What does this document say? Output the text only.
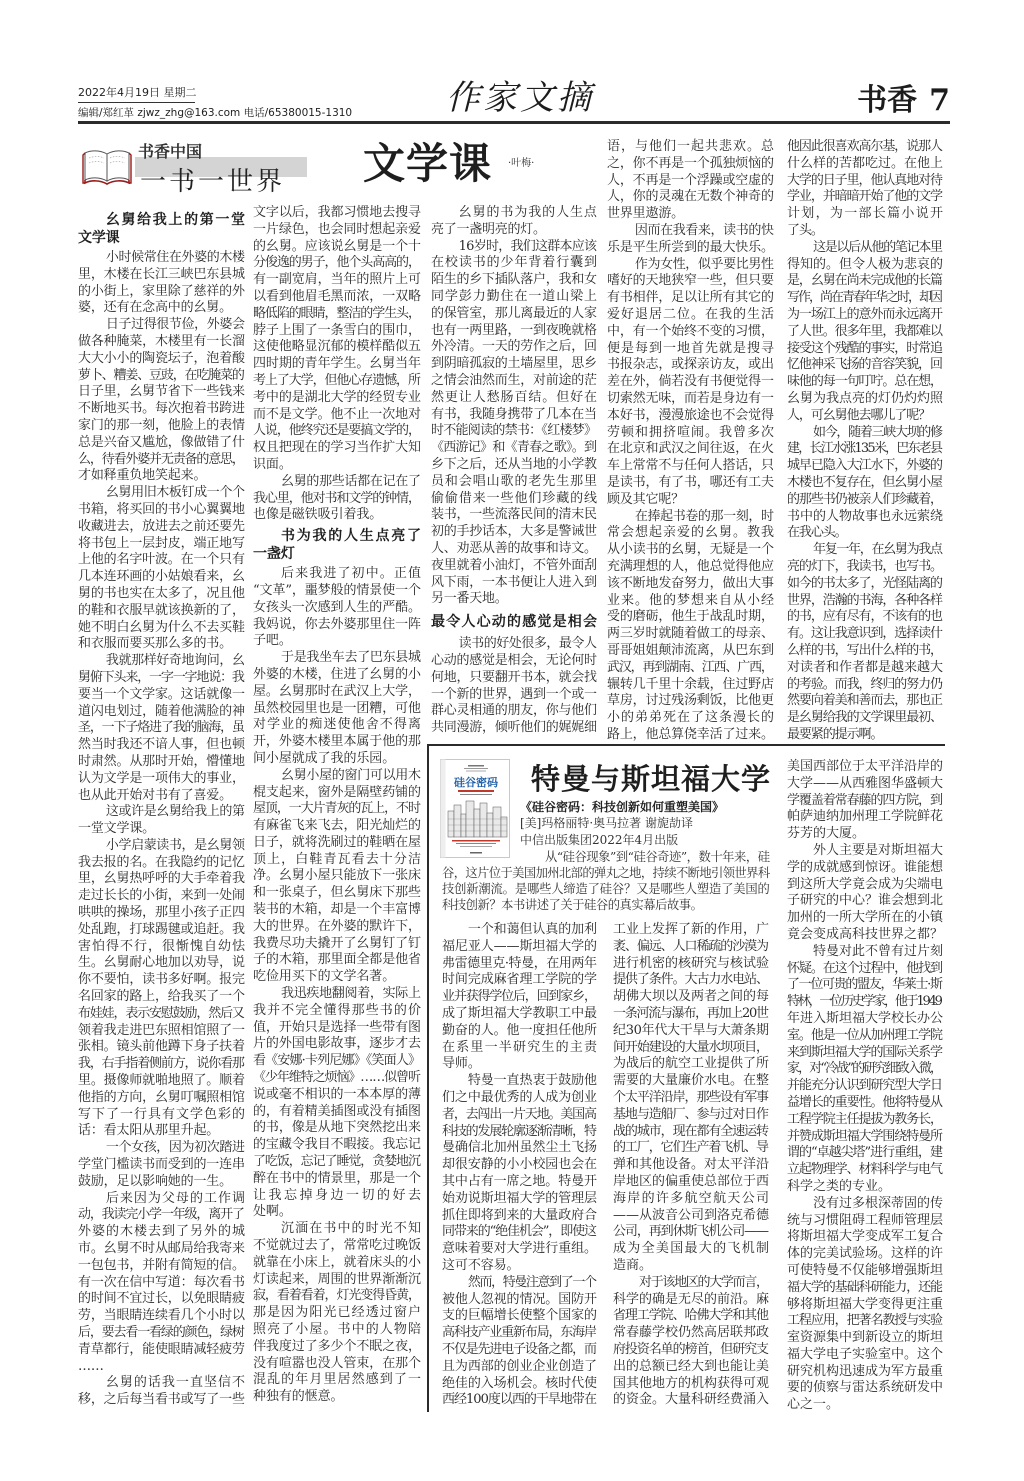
2022年4月19日 星期二
编辑/郑红革 zjwz_zhg@163.com 电话/65380015-1310	作家文摘	书香 7
书香中国
一书一世界 文学课 ·叶梅·
幺舅给我上的第一堂
文学课
小时候常住在外婆的木楼
里，木楼在长江三峡巴东县城
的小街上，家里除了慈祥的外
婆，还有在念高中的幺舅。
日子过得很节俭，外婆会
做各种腌菜，木楼里有一长溜
大大小小的陶瓷坛子，泡着酸
萝卜、糟姜、豆豉，在吃腌菜的
日子里，幺舅节省下一些钱来
不断地买书。每次抱着书跨进
家门的那一刻，他脸上的表情
总是兴奋又尴尬，像做错了什
么，待看外婆并无责备的意思，
才如释重负地笑起来。
幺舅用旧木板钉成一个个
书箱，将买回的书小心翼翼地
收藏进去，放进去之前还要先
将书包上一层封皮，端正地写
上他的名字叶波。在一个只有
几本连环画的小姑娘看来，幺
舅的书也实在太多了，况且他
的鞋和衣服早就该换新的了，
她不明白幺舅为什么不去买鞋
和衣服而要买那么多的书。
我就那样好奇地询问，幺
舅俯下头来，一字一字地说：我
要当一个文学家。这话就像一
道闪电划过，随着他满脸的神
圣，一下子烙进了我的脑海，虽
然当时我还不谙人事，但也顿
时肃然。从那时开始，懵懂地
认为文学是一项伟大的事业，
也从此开始对书有了喜爱。
这或许是幺舅给我上的第
一堂文学课。
小学启蒙读书，是幺舅领
我去报的名。在我隐约的记忆
里，幺舅热呼呼的大手牵着我
走过长长的小街，来到一处闹
哄哄的操场，那里小孩子正四
处乱跑，打球踢毽或追赶。我
害怕得不行，很惭愧自幼怯
生。幺舅耐心地加以劝导，说
你不要怕，读书多好啊。报完
名回家的路上，给我买了一个
布娃娃，表示安慰鼓励，然后又
领着我走进巴东照相馆照了一
张相。镜头前他蹲下身子扶着
我，右手指着侧前方，说你看那
里。摄像师就啪地照了。顺着
他指的方向，幺舅叮嘱照相馆
写下了一行具有文学色彩的
话：看太阳从那里升起。
一个女孩，因为初次踏进
学堂门槛读书而受到的一连串
鼓励，足以影响她的一生。
后来因为父母的工作调
动，我读完小学一年级，离开了
外婆的木楼去到了另外的城
市。幺舅不时从邮局给我寄来
一包包书，并附有简短的信。
有一次在信中写道：每次看书
的时间不宜过长，以免眼睛疲
劳，当眼睛连续看几个小时以
后，要去看一看绿的颜色，绿树
青草都行，能使眼睛减轻疲劳
……
幺舅的话我一直坚信不
移，之后每当看书或写了一些
文字以后，我都习惯地去搜寻
一片绿色，也会同时想起亲爱
的幺舅。应该说幺舅是一个十
分俊逸的男子，他个头高高的，
有一副宽肩，当年的照片上可
以看到他眉毛黑而浓，一双略
略低陷的眼睛，整洁的学生头，
脖子上围了一条雪白的围巾，
这使他略显沉郁的模样酷似五
四时期的青年学生。幺舅当年
考上了大学，但他心存遗憾，所
考中的是湖北大学的经贸专业
而不是文学。他不止一次地对
人说，他终究还是要搞文学的，
权且把现在的学习当作扩大知
识面。
幺舅的那些话都在记在了
我心里，他对书和文学的钟情，
也像是磁铁吸引着我。
书为我的人生点亮了
一盏灯
后来我进了初中。正值
“文革”，噩梦般的情景使一个
女孩头一次感到人生的严酷。
我妈说，你去外婆那里住一阵
子吧。
于是我坐车去了巴东县城
外婆的木楼，住进了幺舅的小
屋。幺舅那时在武汉上大学，
虽然校园里也是一团糟，可他
对学业的痴迷使他舍不得离
开，外婆木楼里本属于他的那
间小屋就成了我的乐园。
幺舅小屋的窗门可以用木
棍支起来，窗外是隔壁药铺的
屋顶，一大片青灰的瓦上，不时
有麻雀飞来飞去，阳光灿烂的
日子，就将洗刷过的鞋晒在屋
顶上，白鞋青瓦看去十分洁
净。幺舅小屋只能放下一张床
和一张桌子，但幺舅床下那些
装书的木箱，却是一个丰富博
大的世界。在外婆的默许下，
我费尽功夫撬开了幺舅钉了钉
子的木箱，那里面全都是他省
吃俭用买下的文学名著。
我迅疾地翻阅着，实际上
我并不完全懂得那些书的价
值，开始只是选择一些带有图
片的外国电影故事，逐步才去
看《安娜·卡列尼娜》《笑面人》
《少年维特之烦恼》……似曾听
说或毫不相识的一本本厚的薄
的，有着精美插图或没有插图
的书，像是从地下突然挖出来
的宝藏令我目不暇接。我忘记
了吃饭，忘记了睡觉，贪婪地沉
醉在书中的情景里，那是一个
让我忘掉身边一切的好去
处啊。
沉湎在书中的时光不知
不觉就过去了，常常吃过晚饭
就靠在小床上，就着床头的小
灯读起来，周围的世界渐渐沉
寂，看着看着，灯光变得昏黄，
那是因为阳光已经透过窗户
照亮了小屋。书中的人物陪
伴我度过了多少个不眠之夜，
没有喧嚣也没人管束，在那个
混乱的年月里居然感到了一
种独有的惬意。
幺舅的书为我的人生点
亮了一盏明亮的灯。
16岁时，我们这群本应该
在校读书的少年背着行囊到
陌生的乡下插队落户，我和女
同学彭力勤住在一道山梁上
的保管室，那儿离最近的人家
也有一两里路，一到夜晚就格
外冷清。一天的劳作之后，回
到阴暗孤寂的土墙屋里，思乡
之情会油然而生，对前途的茫
然更让人愁肠百结。但好在
有书，我随身携带了几本在当
时不能阅读的禁书：《红楼梦》
《西游记》和《青春之歌》。到
乡下之后，还从当地的小学教
员和会唱山歌的老先生那里
偷偷借来一些他们珍藏的线
装书，一些流落民间的清末民
初的手抄话本，大多是警诫世
人、劝恶从善的故事和诗文。
夜里就着小油灯，不管外面刮
风下雨，一本书便让人进入到
另一番天地。
最令人心动的感觉是相会
读书的好处很多，最令人
心动的感觉是相会，无论何时
何地，只要翻开书本，就会找
一个新的世界，遇到一个或一
群心灵相通的朋友，你与他们
共同漫游，倾听他们的娓娓细
语，与他们一起共悲欢。总
之，你不再是一个孤独烦恼的
人，不再是一个浮躁或空虚的
人，你的灵魂在无数个神奇的
世界里遨游。
因而在我看来，读书的快
乐是平生所尝到的最大快乐。
作为女性，似乎要比男性
嗜好的天地狭窄一些，但只要
有书相伴，足以让所有其它的
爱好退居二位。在我的生活
中，有一个始终不变的习惯，
便是每到一地首先就是搜寻
书报杂志，或探亲访友，或出
差在外，倘若没有书便觉得一
切索然无味，而若是身边有一
本好书，漫漫旅途也不会觉得
劳顿和拥挤喧闹。我曾多次
在北京和武汉之间往返，在火
车上常常不与任何人搭话，只
是读书，有了书，哪还有工夫
顾及其它呢？
在捧起书卷的那一刻，时
常会想起亲爱的幺舅。教我
从小读书的幺舅，无疑是一个
充满理想的人，他总觉得他应
该不断地发奋努力，做出大事
业来。他的梦想来自从小经
受的磨砺，他生于战乱时期，
两三岁时就随着做工的母亲、
哥哥姐姐颠沛流离，从巴东到
武汉，再到湖南、江西、广西，
辗转几千里十余载，住过野店
草房，讨过残汤剩饭，比他更
小的弟弟死在了这条漫长的
路上，他总算侥幸活了过来。
他因此很喜欢高尔基，说那人
什么样的苦都吃过。在他上
大学的日子里，他认真地对待
学业，并暗暗开始了他的文学
计划，为一部长篇小说开
了头。
这是以后从他的笔记本里
得知的。但令人极为悲哀的
是，幺舅在尚未完成他的长篇
写作，尚在青春年华之时，却因
为一场江上的意外而永远离开
了人世。很多年里，我都难以
接受这个残酷的事实，时常追
忆他神采飞扬的音容笑貌，回
味他的每一句叮咛。总在想，
幺舅为我点亮的灯仍灼灼照
人，可幺舅他去哪儿了呢？
如今，随着三峡大坝的修
建，长江水涨135米，巴东老县
城早已隐入大江水下，外婆的
木楼也不复存在，但幺舅小屋
的那些书仍被亲人们珍藏着，
书中的人物故事也永远萦绕
在我心头。
年复一年，在幺舅为我点
亮的灯下，我读书，也写书。
如今的书太多了，光怪陆离的
世界，浩瀚的书海，各种各样
的书，应有尽有，不该有的也
有。这让我意识到，选择读什
么样的书，写出什么样的书，
对读者和作者都是越来越大
的考验。而我，终归的努力仍
然要向着美和善而去，那也正
是幺舅给我的文学课里最初、
最要紧的提示啊。
硅谷密码 特曼与斯坦福大学
《硅谷密码：科技创新如何重塑美国》
[美]玛格丽特·奥马拉著 谢旎劼译
中信出版集团2022年4月出版
从“硅谷现象”到“硅谷奇迹”，数十年来，硅
谷，这片位于美国加州北部的弹丸之地，持续不断地引领世界科
技创新潮流。是哪些人缔造了硅谷？又是哪些人塑造了美国的
科技创新？本书讲述了关于硅谷的真实幕后故事。
一个和蔼但认真的加利
福尼亚人——斯坦福大学的
弗雷德里克·特曼，在用两年
时间完成麻省理工学院的学
业并获得学位后，回到家乡，
成了斯坦福大学教职工中最
勤奋的人。他一度担任他所
在系里一半研究生的主责
导师。
特曼一直热衷于鼓励他
们之中最优秀的人成为创业
者，去闯出一片天地。美国高
科技的发展轮廓逐渐清晰，特
曼确信北加州虽然尘土飞扬
却很安静的小小校园也会在
其中占有一席之地。特曼开
始劝说斯坦福大学的管理层
抓住即将到来的大量政府合
同带来的“绝佳机会”，即使这
意味着要对大学进行重组。
这可不容易。
然而，特曼注意到了一个
被他人忽视的情况。国防开
支的巨幅增长使整个国家的
高科技产业重新布局，东海岸
不仅是先进电子设备之都，而
且为西部的创业企业创造了
绝佳的入场机会。核时代使
西经100度以西的干旱地带在
工业上发挥了新的作用，广
袤、偏远、人口稀疏的沙漠为
进行机密的核研究与核试验
提供了条件。大古力水电站、
胡佛大坝以及两者之间的每
一条河流与瀑布，再加上20世
纪30年代大干旱与大萧条期
间开始建设的大量水坝项目，
为战后的航空工业提供了所
需要的大量廉价水电。在整
个太平洋沿岸，那些设有军事
基地与造船厂、参与过对日作
战的城市，现在都有全速运转
的工厂，它们生产着飞机、导
弹和其他设备。对太平洋沿
岸地区的偏重使总部位于西
海岸的许多航空航天公司
——从波音公司到洛克希德
公司，再到休斯飞机公司——
成为全美国最大的飞机制
造商。
对于该地区的大学而言，
科学的确是无尽的前沿。麻
省理工学院、哈佛大学和其他
常春藤学校仍然高居联邦政
府投资名单的榜首，但研究支
出的总额已经大到也能让美
国其他地方的机构获得可观
的资金。大量科研经费涌入
美国西部位于太平洋沿岸的
大学——从西雅图华盛顿大
学覆盖着常春藤的四方院，到
帕萨迪纳加州理工学院鲜花
芬芳的大厦。
外人主要是对斯坦福大
学的成就感到惊讶。谁能想
到这所大学竟会成为尖端电
子研究的中心？谁会想到北
加州的一所大学所在的小镇
竟会变成高科技世界之都？
特曼对此不曾有过片刻
怀疑。在这个过程中，他找到
了一位可贵的盟友，华莱士·斯
特林，一位历史学家，他于1949
年进入斯坦福大学校长办公
室。他是一位从加州理工学院
来到斯坦福大学的国际关系学
家，对“冷战”的研究细致入微，
并能充分认识到研究型大学日
益增长的重要性。他将特曼从
工程学院主任提拔为教务长，
并赞成斯坦福大学围绕特曼所
谓的“卓越尖塔”进行重组，建
立起物理学、材料科学与电气
科学之类的专业。
没有过多根深蒂固的传
统与习惯阻碍工程师管理层
将斯坦福大学变成军工复合
体的完美试验场。这样的许
可使特曼不仅能够增强斯坦
福大学的基础科研能力，还能
够将斯坦福大学变得更注重
工程应用，把著名教授与实验
室资源集中到新设立的斯坦
福大学电子实验室中。这个
研究机构迅速成为军方最重
要的侦察与雷达系统研发中
心之一。
